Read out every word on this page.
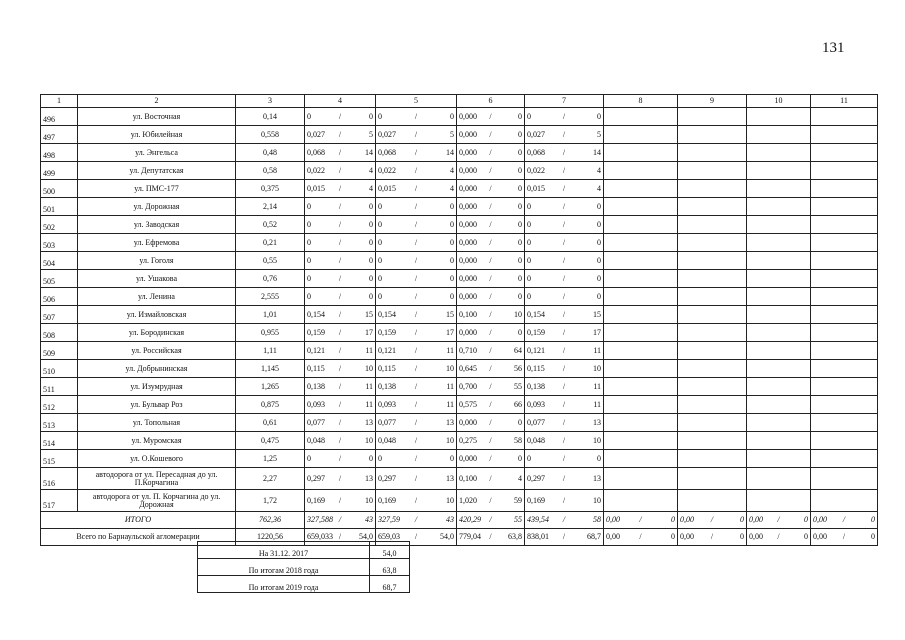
131
1	2	3	4	5	6	7	8	9	10	11
496	ул. Восточная	0,14	0 / 0	0 / 0	0,000 / 0	0 / 0				

497	ул. Юбилейная	0,558	0,027 / 5	0,027 / 5	0,000 / 0	0,027 / 5				

498	ул. Энгельса	0,48	0,068 / 14	0,068 / 14	0,000 / 0	0,068 / 14				

499	ул. Депутатская	0,58	0,022 / 4	0,022 / 4	0,000 / 0	0,022 / 4				

500	ул. ПМС-177	0,375	0,015 / 4	0,015 / 4	0,000 / 0	0,015 / 4				

501	ул. Дорожная	2,14	0 / 0	0 / 0	0,000 / 0	0 / 0				

502	ул. Заводская	0,52	0 / 0	0 / 0	0,000 / 0	0 / 0				

503	ул. Ефремова	0,21	0 / 0	0 / 0	0,000 / 0	0 / 0				

504	ул. Гоголя	0,55	0 / 0	0 / 0	0,000 / 0	0 / 0				

505	ул. Ушакова	0,76	0 / 0	0 / 0	0,000 / 0	0 / 0				

506	ул. Ленина	2,555	0 / 0	0 / 0	0,000 / 0	0 / 0				

507	ул. Измайловская	1,01	0,154 / 15	0,154 / 15	0,100 / 10	0,154 / 15				

508	ул. Бородинская	0,955	0,159 / 17	0,159 / 17	0,000 / 0	0,159 / 17				

509	ул. Российская	1,11	0,121 / 11	0,121 / 11	0,710 / 64	0,121 / 11				

510	ул. Добрынинская	1,145	0,115 / 10	0,115 / 10	0,645 / 56	0,115 / 10				

511	ул. Изумрудная	1,265	0,138 / 11	0,138 / 11	0,700 / 55	0,138 / 11				

512	ул. Бульвар Роз	0,875	0,093 / 11	0,093 / 11	0,575 / 66	0,093 / 11				

513	ул. Топольная	0,61	0,077 / 13	0,077 / 13	0,000 / 0	0,077 / 13				

514	ул. Муромская	0,475	0,048 / 10	0,048 / 10	0,275 / 58	0,048 / 10				

515	ул. О.Кошевого	1,25	0 / 0	0 / 0	0,000 / 0	0 / 0				

516	автодорога от ул. Пересадная до ул. П.Корчагина	2,27	0,297 / 13	0,297 / 13	0,100 / 4	0,297 / 13				

517	автодорога от ул. П. Корчагина до ул. Дорожная	1,72	0,169 / 10	0,169 / 10	1,020 / 59	0,169 / 10				

ИТОГО		762,36	327,588 / 43	327,59 / 43	420,29 / 55	439,54 / 58	0,00 / 0	0,00 / 0	0,00 / 0	0,00 / 0

Всего по Барнаульской агломерации		1220,56	659,033 / 54,0	659,03 / 54,0	779,04 / 63,8	838,01 / 68,7	0,00 / 0	0,00 / 0	0,00 / 0	0,00 / 0
На 31.12. 2017	54,0
По итогам 2018 года	63,8
По итогам 2019 года	68,7
